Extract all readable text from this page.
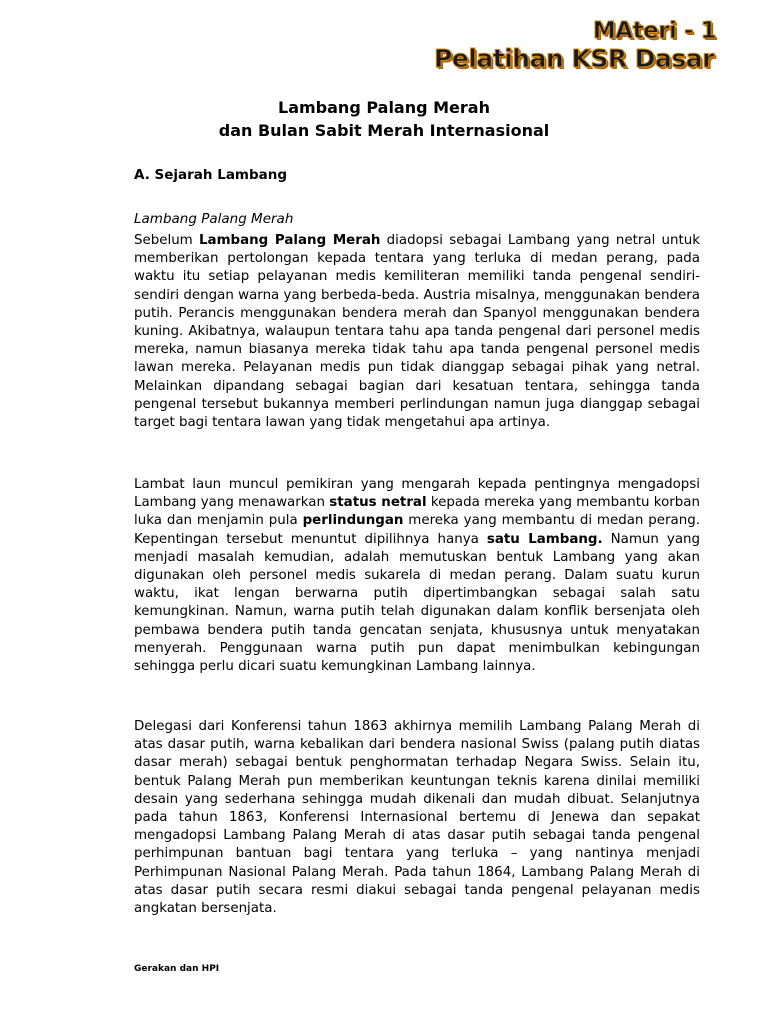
MAteri - 1
Pelatihan KSR Dasar
Lambang Palang Merah
dan Bulan Sabit Merah Internasional
A. Sejarah Lambang
Lambang Palang Merah

Sebelum Lambang Palang Merah diadopsi sebagai Lambang yang netral untuk memberikan pertolongan kepada tentara yang terluka di medan perang, pada waktu itu setiap pelayanan medis kemiliteran memiliki tanda pengenal sendiri-sendiri dengan warna yang berbeda-beda. Austria misalnya, menggunakan bendera putih. Perancis menggunakan bendera merah dan Spanyol menggunakan bendera kuning. Akibatnya, walaupun tentara tahu apa tanda pengenal dari personel medis mereka, namun biasanya mereka tidak tahu apa tanda pengenal personel medis lawan mereka. Pelayanan medis pun tidak dianggap sebagai pihak yang netral. Melainkan dipandang sebagai bagian dari kesatuan tentara, sehingga tanda pengenal tersebut bukannya memberi perlindungan namun juga dianggap sebagai target bagi tentara lawan yang tidak mengetahui apa artinya.

Lambat laun muncul pemikiran yang mengarah kepada pentingnya mengadopsi Lambang yang menawarkan status netral kepada mereka yang membantu korban luka dan menjamin pula perlindungan mereka yang membantu di medan perang. Kepentingan tersebut menuntut dipilihnya hanya satu Lambang. Namun yang menjadi masalah kemudian, adalah memutuskan bentuk Lambang yang akan digunakan oleh personel medis sukarela di medan perang. Dalam suatu kurun waktu, ikat lengan berwarna putih dipertimbangkan sebagai salah satu kemungkinan. Namun, warna putih telah digunakan dalam konflik bersenjata oleh pembawa bendera putih tanda gencatan senjata, khususnya untuk menyatakan menyerah. Penggunaan warna putih pun dapat menimbulkan kebingungan sehingga perlu dicari suatu kemungkinan Lambang lainnya.

Delegasi dari Konferensi tahun 1863 akhirnya memilih Lambang Palang Merah di atas dasar putih, warna kebalikan dari bendera nasional Swiss (palang putih diatas dasar merah) sebagai bentuk penghormatan terhadap Negara Swiss. Selain itu, bentuk Palang Merah pun memberikan keuntungan teknis karena dinilai memiliki desain yang sederhana sehingga mudah dikenali dan mudah dibuat. Selanjutnya pada tahun 1863, Konferensi Internasional bertemu di Jenewa dan sepakat mengadopsi Lambang Palang Merah di atas dasar putih sebagai tanda pengenal perhimpunan bantuan bagi tentara yang terluka – yang nantinya menjadi Perhimpunan Nasional Palang Merah. Pada tahun 1864, Lambang Palang Merah di atas dasar putih secara resmi diakui sebagai tanda pengenal pelayanan medis angkatan bersenjata.

Gerakan dan HPI
